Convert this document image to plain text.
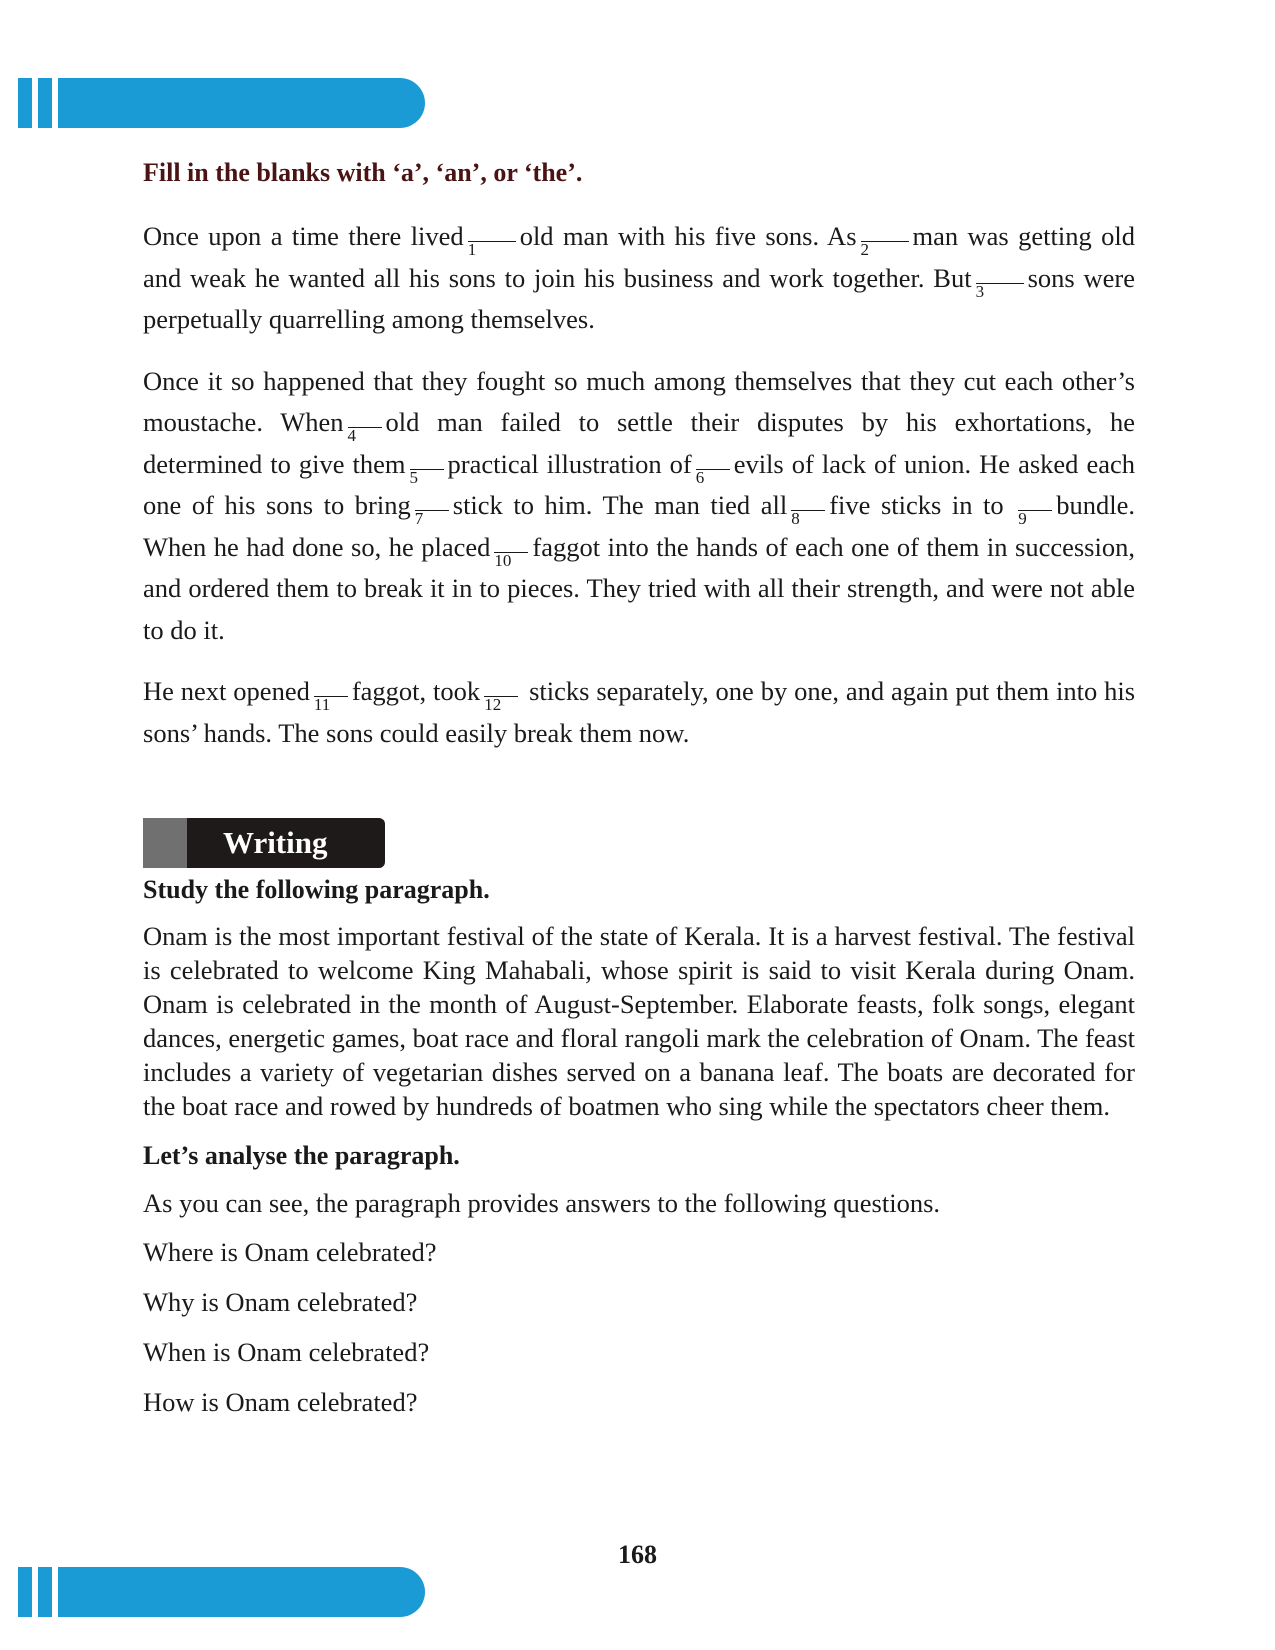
Fill in the blanks with ‘a’, ‘an’, or ‘the’.

Once upon a time there lived 1	old man with his five sons. As 2	man was getting old and weak he wanted all his sons to join his business and work together. But 3	sons were perpetually quarrelling among themselves.

Once it so happened that they fought so much among themselves that they cut each other’s moustache. When 4	old man failed to settle their disputes by his exhortations, he determined to give them 5	practical illustration of 6	evils of lack of union. He asked each one of his sons to bring 7	stick to him. The man tied all 8	five sticks in to 9	bundle. When he had done so, he placed 10 faggot into the hands of each one of them in succession, and ordered them to break it in to pieces. They tried with all their strength, and were not able to do it.

He next opened 11 faggot, took 12	sticks separately, one by one, and again put them into his sons’ hands. The sons could easily break them now.

Writing

Study the following paragraph.

Onam is the most important festival of the state of Kerala. It is a harvest festival. The festival is celebrated to welcome King Mahabali, whose spirit is said to visit Kerala during Onam. Onam is celebrated in the month of August-September. Elaborate feasts, folk songs, elegant dances, energetic games, boat race and floral rangoli mark the celebration of Onam. The feast includes a variety of vegetarian dishes served on a banana leaf. The boats are decorated for the boat race and rowed by hundreds of boatmen who sing while the spectators cheer them.

Let’s analyse the paragraph.

As you can see, the paragraph provides answers to the following questions.

Where is Onam celebrated?

Why is Onam celebrated?

When is Onam celebrated?

How is Onam celebrated?

168
